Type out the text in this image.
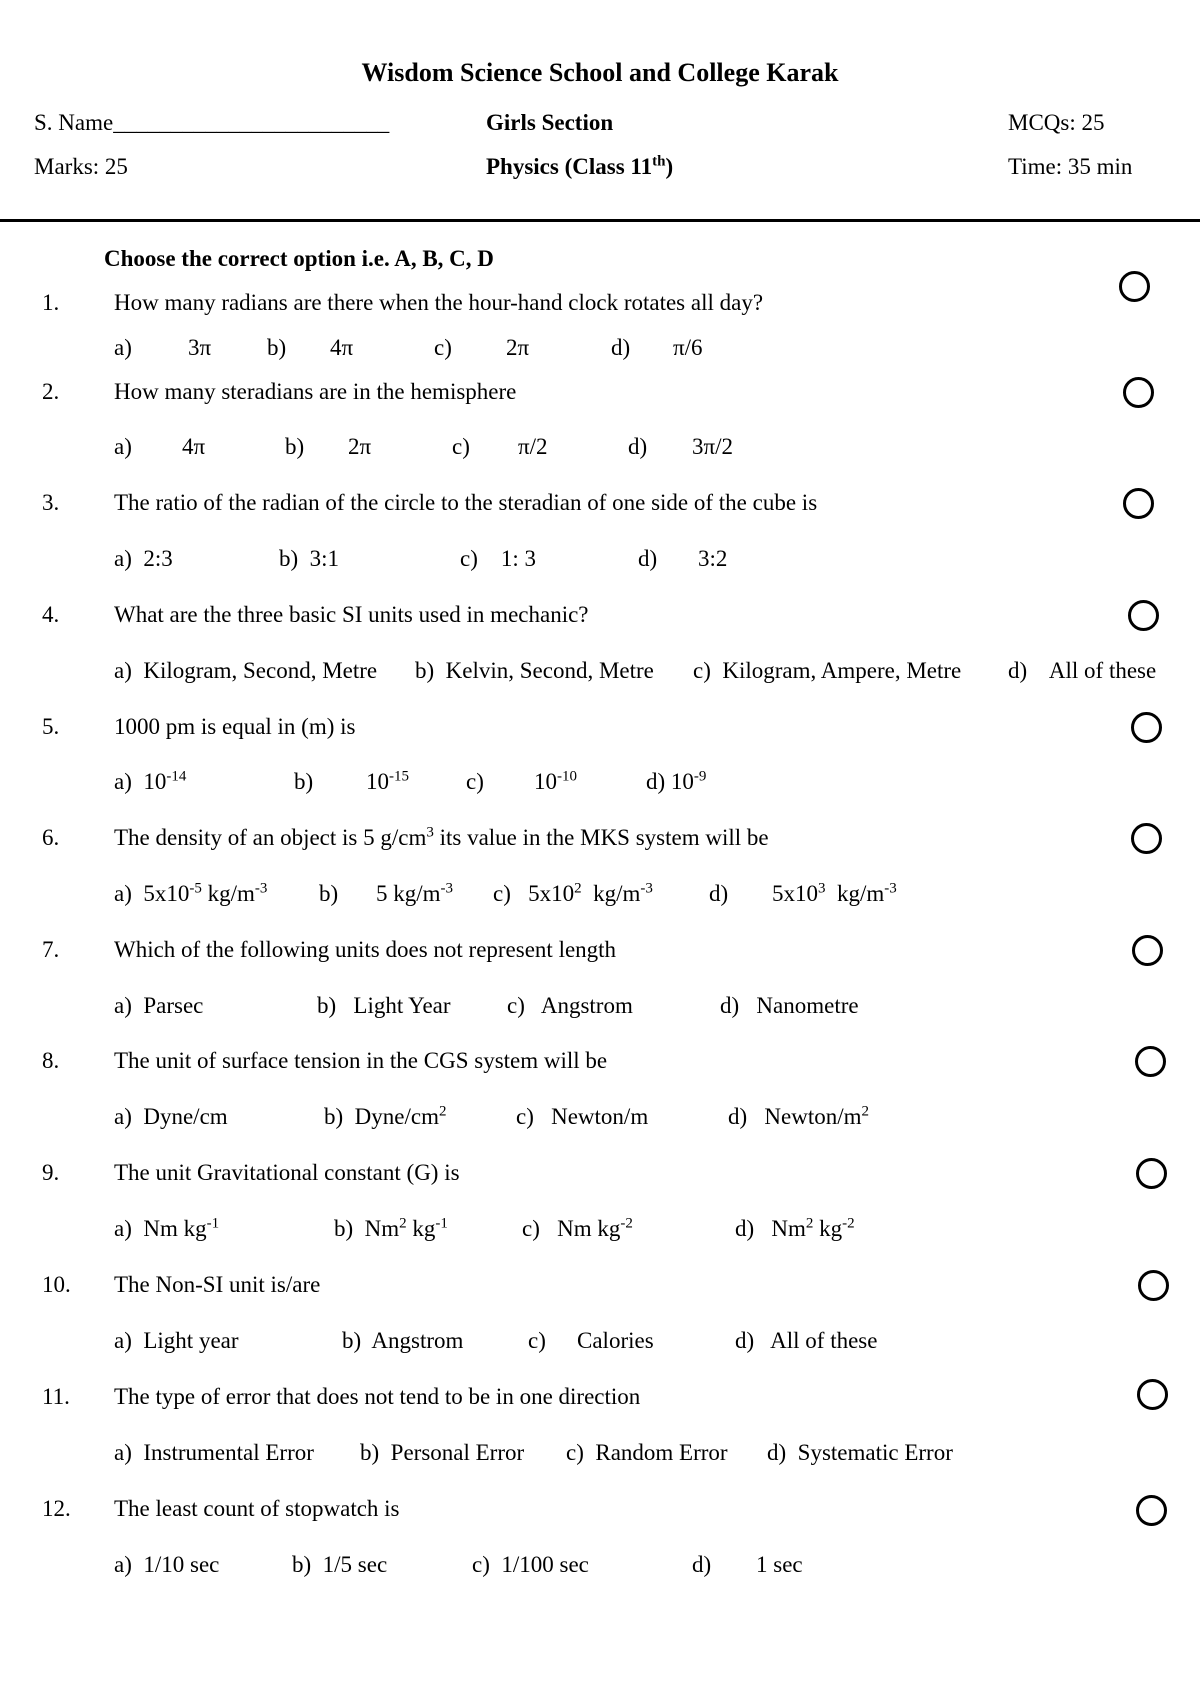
Wisdom Science School and College Karak
S. Name________________________	Girls Section	MCQs: 25
Marks: 25	Physics (Class 11th)	Time: 35 min
Choose the correct option i.e. A, B, C, D
1. How many radians are there when the hour-hand clock rotates all day?
a) 3π b) 4π	c) 2π	d) π/6
2. How many steradians are in the hemisphere
a) 4π	b) 2π	c) π/2	d) 3π/2
3. The ratio of the radian of the circle to the steradian of one side of the cube is
a)  2:3	b)  3:1	c)    1: 3	d) 3:2
4. What are the three basic SI units used in mechanic?
a)  Kilogram, Second, Metre b)  Kelvin, Second, Metre c)  Kilogram, Ampere, Metre d)    All of these
5. 1000 pm is equal in (m) is
a)  $10^{-14}$	b) $10^{-15}$ c) $10^{-10}$	d) $10^{-9}$
6. The density of an object is 5 $g/cm^3$ its value in the MKS system will be
a)  $5x10^{-5}$ $kg/m^{-3}$ b) 5 $kg/m^{-3}$ c)   $5x10^2$  $kg/m^{-3}$ d) $5x10^3$  $kg/m^{-3}$
7. Which of the following units does not represent length
a)  Parsec	b)   Light Year c)   Angstrom	d)   Nanometre
8. The unit of surface tension in the CGS system will be
a)  Dyne/cm	b)  Dyne/$cm^2$	c)   Newton/m	d)   Newton/$m^2$
9. The unit Gravitational constant (G) is
a)  Nm $kg^{-1}$	b)  Nm$^2$ $kg^{-1}$	c)   Nm $kg^{-2}$	d)   Nm$^2$ $kg^{-2}$
10. The Non-SI unit is/are
a)  Light year	b)  Angstrom	c) Calories	d)   All of these
11. The type of error that does not tend to be in one direction
a)  Instrumental Error b)  Personal Error c)  Random Error d)  Systematic Error
12. The least count of stopwatch is
a)  1/10 sec	b)  1/5 sec	c)  1/100 sec	d) 1 sec
